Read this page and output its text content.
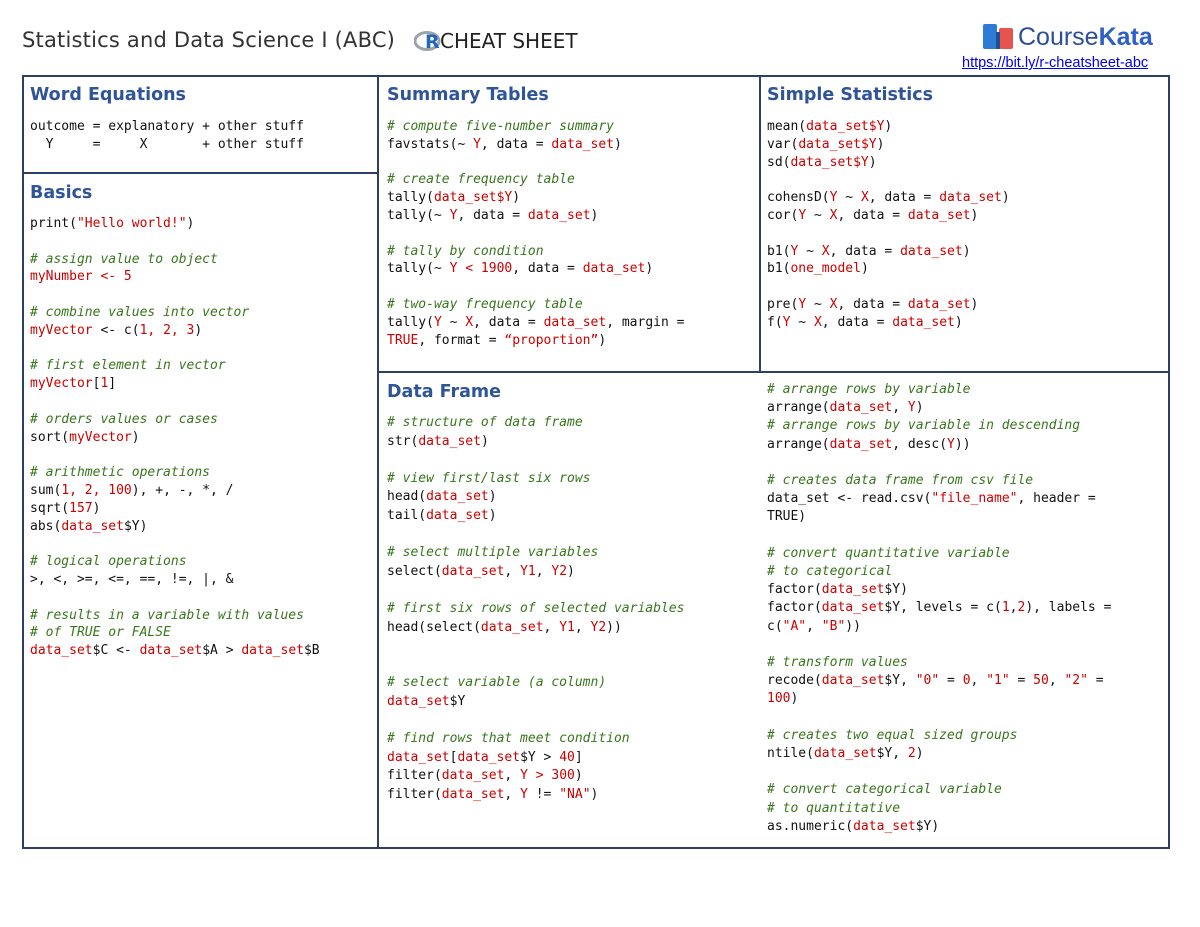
Statistics and Data Science I (ABC) R CHEAT SHEET	CourseKata
https://bit.ly/r-cheatsheet-abc
Word Equations
outcome = explanatory + other stuff
Y     =     X       + other stuff
Basics
print("Hello world!")

# assign value to object
myNumber <- 5

# combine values into vector
myVector <- c(1, 2, 3)

# first element in vector
myVector[1]

# orders values or cases
sort(myVector)

# arithmetic operations
sum(1, 2, 100), +, -, *, /
sqrt(157)
abs(data_set$Y)

# logical operations
>, <, >=, <=, ==, !=, |, &

# results in a variable with values
# of TRUE or FALSE
data_set$C <- data_set$A > data_set$B
Summary Tables
# compute five-number summary
favstats(~ Y, data = data_set)

# create frequency table
tally(data_set$Y)
tally(~ Y, data = data_set)

# tally by condition
tally(~ Y < 1900, data = data_set)

# two-way frequency table
tally(Y ~ X, data = data_set, margin =
TRUE, format = “proportion”)
Simple Statistics
mean(data_set$Y)
var(data_set$Y)
sd(data_set$Y)

cohensD(Y ~ X, data = data_set)
cor(Y ~ X, data = data_set)

b1(Y ~ X, data = data_set)
b1(one_model)

pre(Y ~ X, data = data_set)
f(Y ~ X, data = data_set)
Data Frame
# structure of data frame
str(data_set)

# view first/last six rows
head(data_set)
tail(data_set)

# select multiple variables
select(data_set, Y1, Y2)

# first six rows of selected variables
head(select(data_set, Y1, Y2))

# select variable (a column)
data_set$Y

# find rows that meet condition
data_set[data_set$Y > 40]
filter(data_set, Y > 300)
filter(data_set, Y != "NA")
# arrange rows by variable
arrange(data_set, Y)
# arrange rows by variable in descending
arrange(data_set, desc(Y))

# creates data frame from csv file
data_set <- read.csv("file_name", header =
TRUE)

# convert quantitative variable
# to categorical
factor(data_set$Y)
factor(data_set$Y, levels = c(1,2), labels =
c("A", "B"))

# transform values
recode(data_set$Y, "0" = 0, "1" = 50, "2" =
100)

# creates two equal sized groups
ntile(data_set$Y, 2)

# convert categorical variable
# to quantitative
as.numeric(data_set$Y)
